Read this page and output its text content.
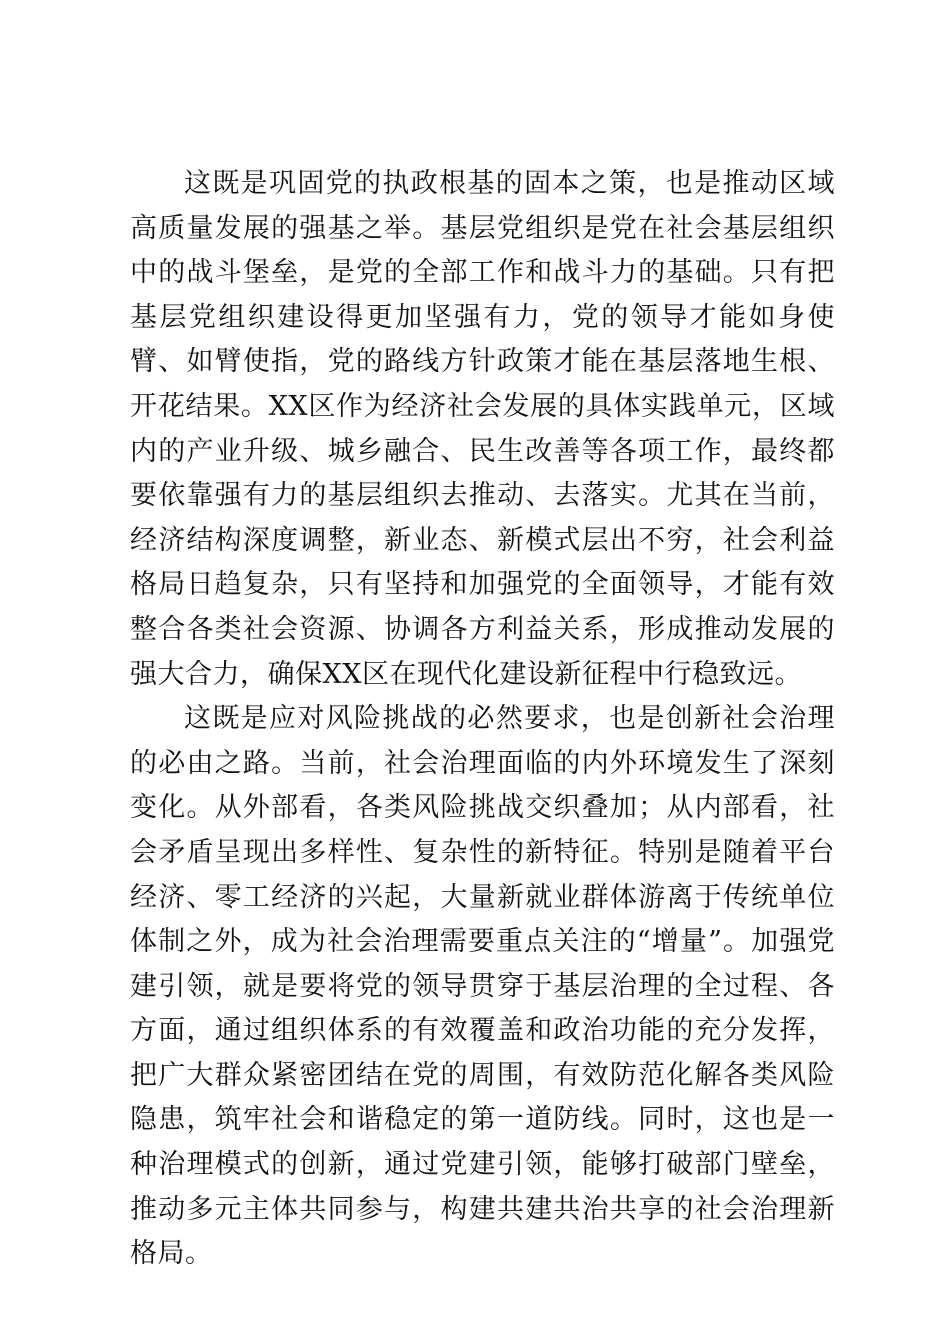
这既是巩固党的执政根基的固本之策，也是推动区域高质量发展的强基之举。基层党组织是党在社会基层组织中的战斗堡垒，是党的全部工作和战斗力的基础。只有把基层党组织建设得更加坚强有力，党的领导才能如身使臂、如臂使指，党的路线方针政策才能在基层落地生根、开花结果。XX区作为经济社会发展的具体实践单元，区域内的产业升级、城乡融合、民生改善等各项工作，最终都要依靠强有力的基层组织去推动、去落实。尤其在当前，经济结构深度调整，新业态、新模式层出不穷，社会利益格局日趋复杂，只有坚持和加强党的全面领导，才能有效整合各类社会资源、协调各方利益关系，形成推动发展的强大合力，确保XX区在现代化建设新征程中行稳致远。

这既是应对风险挑战的必然要求，也是创新社会治理的必由之路。当前，社会治理面临的内外环境发生了深刻变化。从外部看，各类风险挑战交织叠加；从内部看，社会矛盾呈现出多样性、复杂性的新特征。特别是随着平台经济、零工经济的兴起，大量新就业群体游离于传统单位体制之外，成为社会治理需要重点关注的“增量”。加强党建引领，就是要将党的领导贯穿于基层治理的全过程、各方面，通过组织体系的有效覆盖和政治功能的充分发挥，把广大群众紧密团结在党的周围，有效防范化解各类风险隐患，筑牢社会和谐稳定的第一道防线。同时，这也是一种治理模式的创新，通过党建引领，能够打破部门壁垒，推动多元主体共同参与，构建共建共治共享的社会治理新格局。
